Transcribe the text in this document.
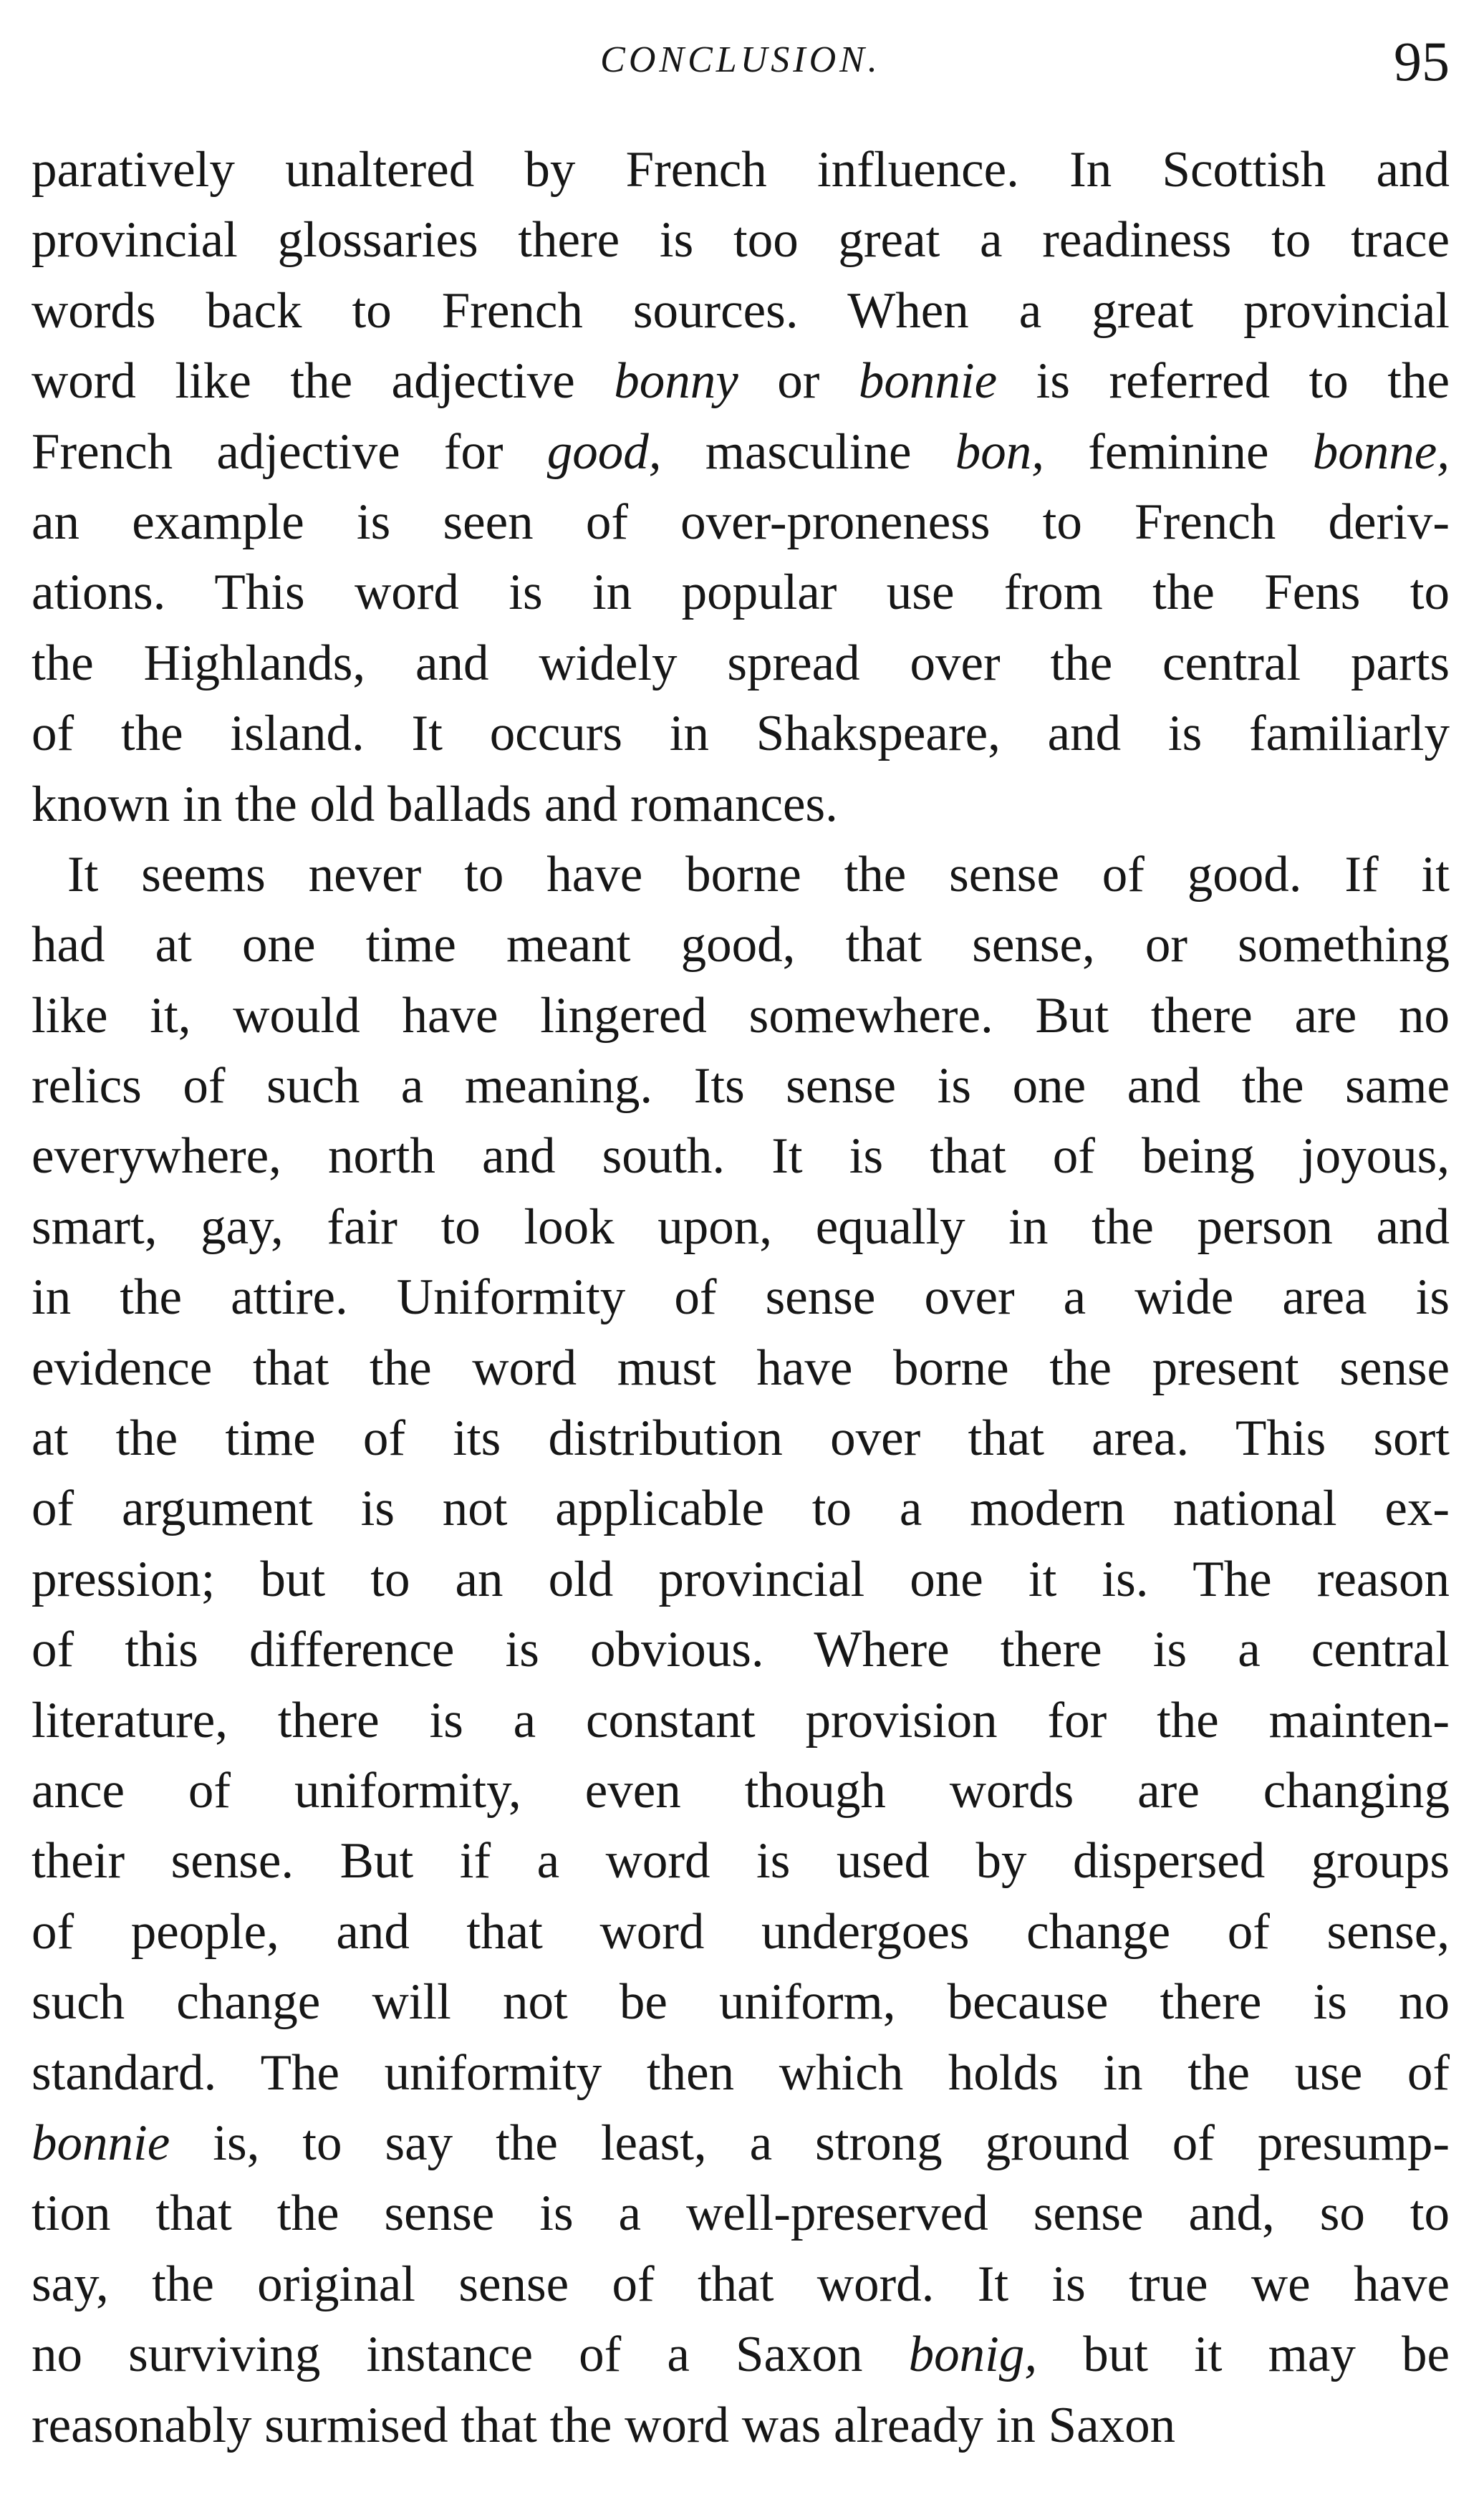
CONCLUSION.	95
paratively unaltered by French influence. In Scottish and
provincial glossaries there is too great a readiness to trace
words back to French sources. When a great provincial
word like the adjective bonny or bonnie is referred to the
French adjective for good, masculine bon, feminine bonne,
an example is seen of over-proneness to French deriv-
ations. This word is in popular use from the Fens to
the Highlands, and widely spread over the central parts
of the island. It occurs in Shakspeare, and is familiarly
known in the old ballads and romances.
It seems never to have borne the sense of good. If it
had at one time meant good, that sense, or something
like it, would have lingered somewhere. But there are no
relics of such a meaning. Its sense is one and the same
everywhere, north and south. It is that of being joyous,
smart, gay, fair to look upon, equally in the person and
in the attire. Uniformity of sense over a wide area is
evidence that the word must have borne the present sense
at the time of its distribution over that area. This sort
of argument is not applicable to a modern national ex-
pression; but to an old provincial one it is. The reason
of this difference is obvious. Where there is a central
literature, there is a constant provision for the mainten-
ance of uniformity, even though words are changing
their sense. But if a word is used by dispersed groups
of people, and that word undergoes change of sense,
such change will not be uniform, because there is no
standard. The uniformity then which holds in the use of
bonnie is, to say the least, a strong ground of presump-
tion that the sense is a well-preserved sense and, so to
say, the original sense of that word. It is true we have
no surviving instance of a Saxon bonig, but it may be
reasonably surmised that the word was already in Saxon
